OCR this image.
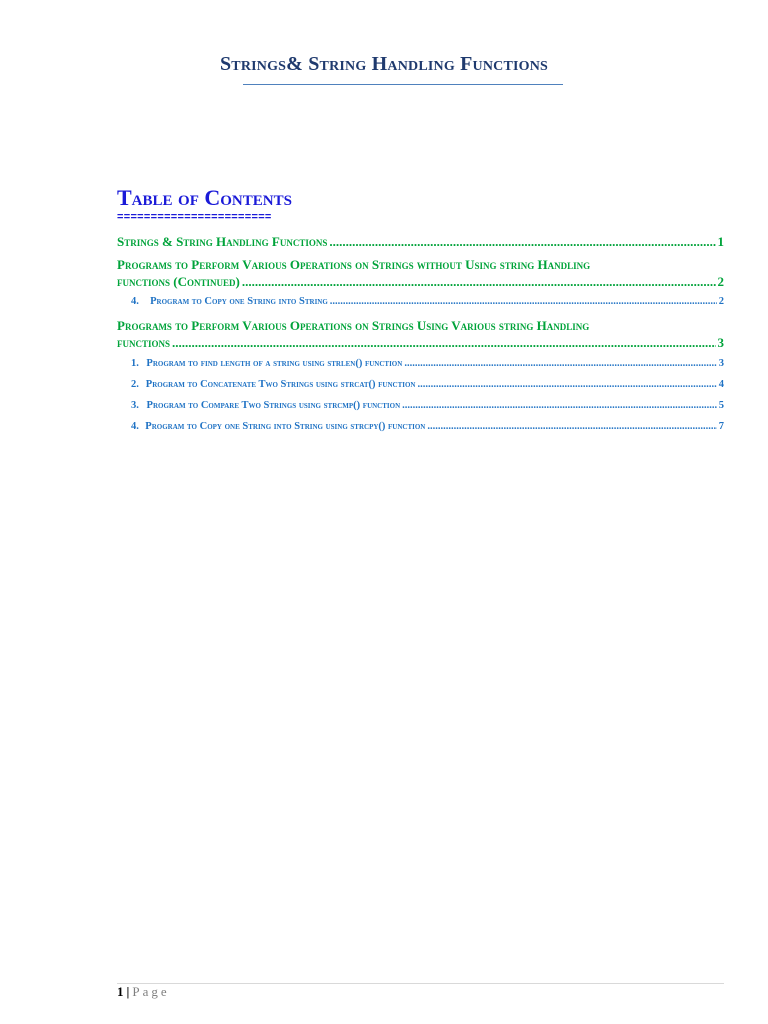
Strings& String Handling Functions
Table of Contents
=======================
Strings & String Handling Functions .....	1
Programs to Perform Various Operations on Strings without Using string Handling
functions (Continued) .....	2
4.	Program to Copy one String into String .....	2
Programs to Perform Various Operations on Strings Using Various string Handling
functions .....	3
1. Program to find length of a string using strlen() function .....	3
2. Program to Concatenate Two Strings using strcat() function .....	4
3. Program to Compare Two Strings using strcmp() function .....	5
4. Program to Copy one String into String using strcpy() function .....	7
1 | Page
